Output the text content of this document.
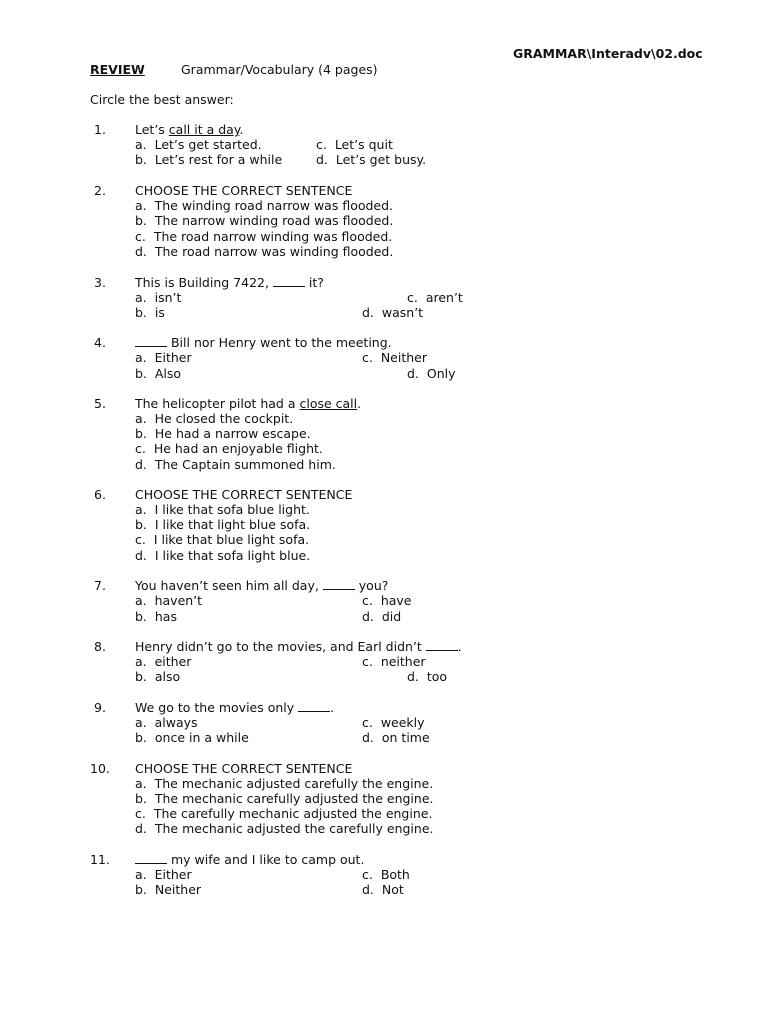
GRAMMAR\Interadv\02.doc
REVIEW	Grammar/Vocabulary (4 pages)
Circle the best answer:
1. Let’s call it a day.
a. Let’s get started.
b. Let’s rest for a while
c. Let’s quit
d. Let’s get busy.
2. CHOOSE THE CORRECT SENTENCE
a. The winding road narrow was flooded.
b. The narrow winding road was flooded.
c. The road narrow winding was flooded.
d. The road narrow was winding flooded.
3. This is Building 7422,	it?
a. isn’t
b. is
c. aren’t
d. wasn’t
4.	Bill nor Henry went to the meeting.
a. Either
b. Also
c. Neither
d. Only
5. The helicopter pilot had a close call.
a. He closed the cockpit.
b. He had a narrow escape.
c. He had an enjoyable flight.
d. The Captain summoned him.
6. CHOOSE THE CORRECT SENTENCE
a. I like that sofa blue light.
b. I like that light blue sofa.
c. I like that blue light sofa.
d. I like that sofa light blue.
7. You haven’t seen him all day,	you?
a. haven’t
b. has
c. have
d. did
8. Henry didn’t go to the movies, and Earl didn’t	.
a. either
b. also
c. neither
d. too
9. We go to the movies only	.
a. always
b. once in a while
c. weekly
d. on time
10. CHOOSE THE CORRECT SENTENCE
a. The mechanic adjusted carefully the engine.
b. The mechanic carefully adjusted the engine.
c. The carefully mechanic adjusted the engine.
d. The mechanic adjusted the carefully engine.
11.	my wife and I like to camp out.
a. Either
b. Neither
c. Both
d. Not
